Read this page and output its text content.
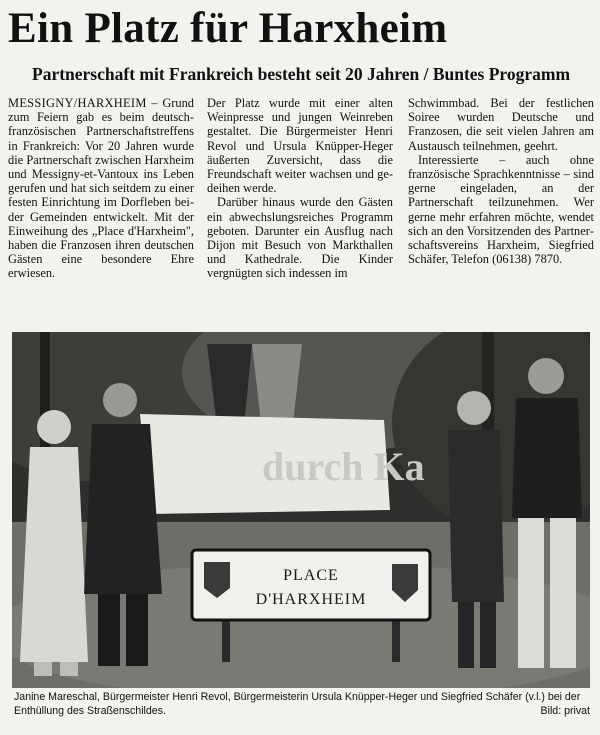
Ein Platz für Harxheim
Partnerschaft mit Frankreich besteht seit 20 Jahren / Buntes Programm

MESSIGNY/HARXHEIM – Grund zum Feiern gab es beim deutsch-französischen Partnerschaftstreffens in Frankreich: Vor 20 Jahren wurde die Partnerschaft zwischen Harxheim und Messigny-et-Vantoux ins Leben gerufen und hat sich seitdem zu einer festen Einrichtung im Dorfleben beider Gemeinden entwickelt. Mit der Einweihung des „Place d'Harxheim", haben die Franzosen ihren deutschen Gästen eine besondere Ehre erwiesen.

Der Platz wurde mit einer alten Weinpresse und jungen Weinreben gestaltet. Die Bürgermeister Henri Revol und Ursula Knüpper-Heger äußerten Zuversicht, dass die Freundschaft weiter wachsen und gedeihen werde.

Darüber hinaus wurde den Gästen ein abwechslungsreiches Programm geboten. Darunter ein Ausflug nach Dijon mit Besuch von Markthallen und Kathedrale. Die Kinder vergnügten sich indessen im

Schwimmbad. Bei der festlichen Soiree wurden Deutsche und Franzosen, die seit vielen Jahren am Austausch teilnehmen, geehrt.

Interessierte – auch ohne französische Sprachkenntnisse – sind gerne eingeladen, an der Partnerschaft teilzunehmen. Wer gerne mehr erfahren möchte, wendet sich an den Vorsitzenden des Partnerschaftsvereins Harxheim, Siegfried Schäfer, Telefon (06138) 7870.

durch Ka
PLACE
D'HARXHEIM
Janine Mareschal, Bürgermeister Henri Revol, Bürgermeisterin Ursula Knüpper-Heger und Siegfried Schäfer (v.l.) bei der Enthüllung des Straßenschildes.	Bild: privat
